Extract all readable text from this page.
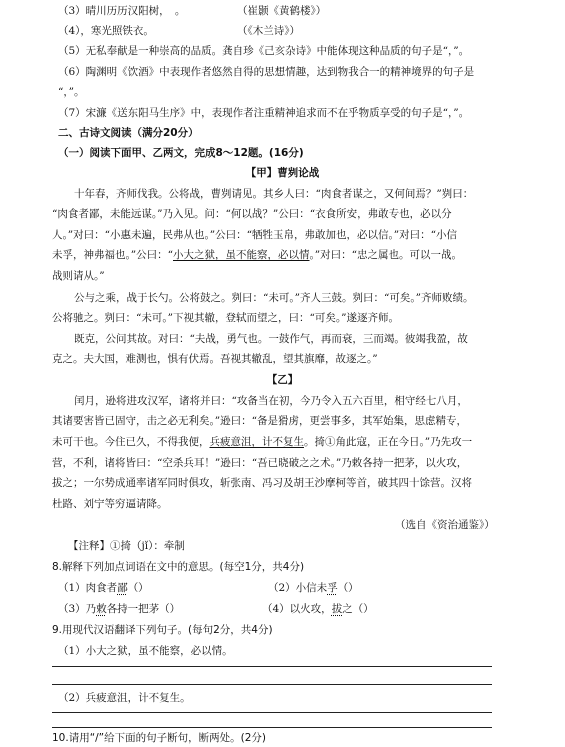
（3）晴川历历汉阳树，　。	（崔颢《黄鹤楼》）
（4），寒光照铁衣。	（《木兰诗》）
（5）无私奉献是一种崇高的品质。龚自珍《己亥杂诗》中能体现这种品质的句子是“，”。
（6）陶渊明《饮酒》中表现作者悠然自得的思想情趣，达到物我合一的精神境界的句子是
“，”。
（7）宋濂《送东阳马生序》中，表现作者注重精神追求而不在乎物质享受的句子是“，”。
二、古诗文阅读（满分20分）
（一）阅读下面甲、乙两文，完成8～12题。(16分)
【甲】曹刿论战
十年春，齐师伐我。公将战，曹刿请见。其乡人曰：“肉食者谋之，又何间焉？”刿曰：
“肉食者鄙，未能远谋。”乃入见。问：“何以战？”公曰：“衣食所安，弗敢专也，必以分
人。”对曰：“小惠未遍，民弗从也。”公曰：“牺牲玉帛，弗敢加也，必以信。”对曰：“小信
未孚，神弗福也。”公曰：“小大之狱，虽不能察，必以情。”对曰：“忠之属也。可以一战。
战则请从。”
公与之乘，战于长勺。公将鼓之。刿曰：“未可。”齐人三鼓。刿曰：“可矣。”齐师败绩。
公将驰之。刿曰：“未可。”下视其辙，登轼而望之，曰：“可矣。”遂逐齐师。
既克，公问其故。对曰：“夫战，勇气也。一鼓作气，再而衰，三而竭。彼竭我盈，故
克之。夫大国，难测也，惧有伏焉。吾视其辙乱，望其旗靡，故逐之。”
【乙】
闰月，逊将进攻汉军，诸将并曰：“攻备当在初，今乃令入五六百里，相守经七八月，
其诸要害皆已固守，击之必无利矣。”逊曰：“备是猾虏，更尝事多，其军始集，思虑精专，
未可干也。今住已久，不得我便，兵疲意沮，计不复生。掎①角此寇，正在今日。”乃先攻一
营，不利，诸将皆曰：“空杀兵耳！”逊曰：“吾已晓破之之术。”乃敕各持一把茅，以火攻，
拔之；一尔势成通率诸军同时俱攻，斩张南、冯习及胡王沙摩柯等首，破其四十馀营。汉将
杜路、刘宁等穷逼请降。
（选自《资治通鉴》）
【注释】①掎（jǐ）：牵制
8.解释下列加点词语在文中的意思。(每空1分，共4分)
（1）肉食者鄙（）	（2）小信未孚（）
（3）乃敕各持一把茅（）	（4）以火攻，拔之（）
9.用现代汉语翻译下列句子。(每句2分，共4分)
（1）小大之狱，虽不能察，必以情。
（2）兵疲意沮，计不复生。
10.请用“/”给下面的句子断句，断两处。(2分)
